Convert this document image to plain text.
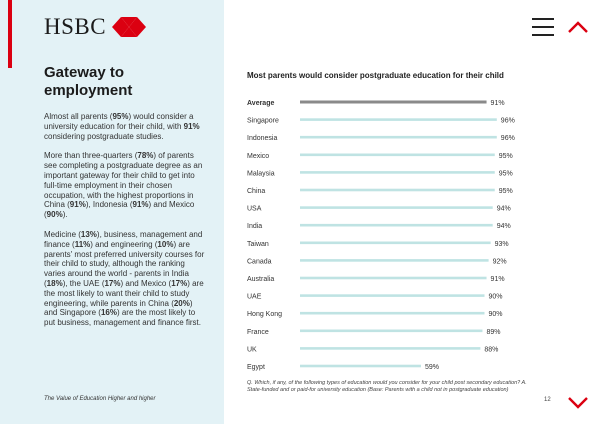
HSBC
Gateway to employment

Almost all parents (95%) would consider a university education for their child, with 91% considering postgraduate studies.

More than three-quarters (78%) of parents see completing a postgraduate degree as an important gateway for their child to get into full-time employment in their chosen occupation, with the highest proportions in China (91%), Indonesia (91%) and Mexico (90%).

Medicine (13%), business, management and finance (11%) and engineering (10%) are parents' most preferred university courses for their child to study, although the ranking varies around the world - parents in India (18%), the UAE (17%) and Mexico (17%) are the most likely to want their child to study engineering, while parents in China (20%) and Singapore (16%) are the most likely to put business, management and finance first.

The Value of Education Higher and higher
Most parents would consider postgraduate education for their child
Average	91%
Singapore	96%
Indonesia	96%
Mexico	95%
Malaysia	95%
China	95%
USA	94%
India	94%
Taiwan	93%
Canada	92%
Australia	91%
UAE	90%
Hong Kong	90%
France	89%
UK	88%
Egypt	59%
Q. Which, if any, of the following types of education would you consider for your child post secondary education? A. State-funded and or paid-for university education (Base: Parents with a child not in postgraduate education)
12
